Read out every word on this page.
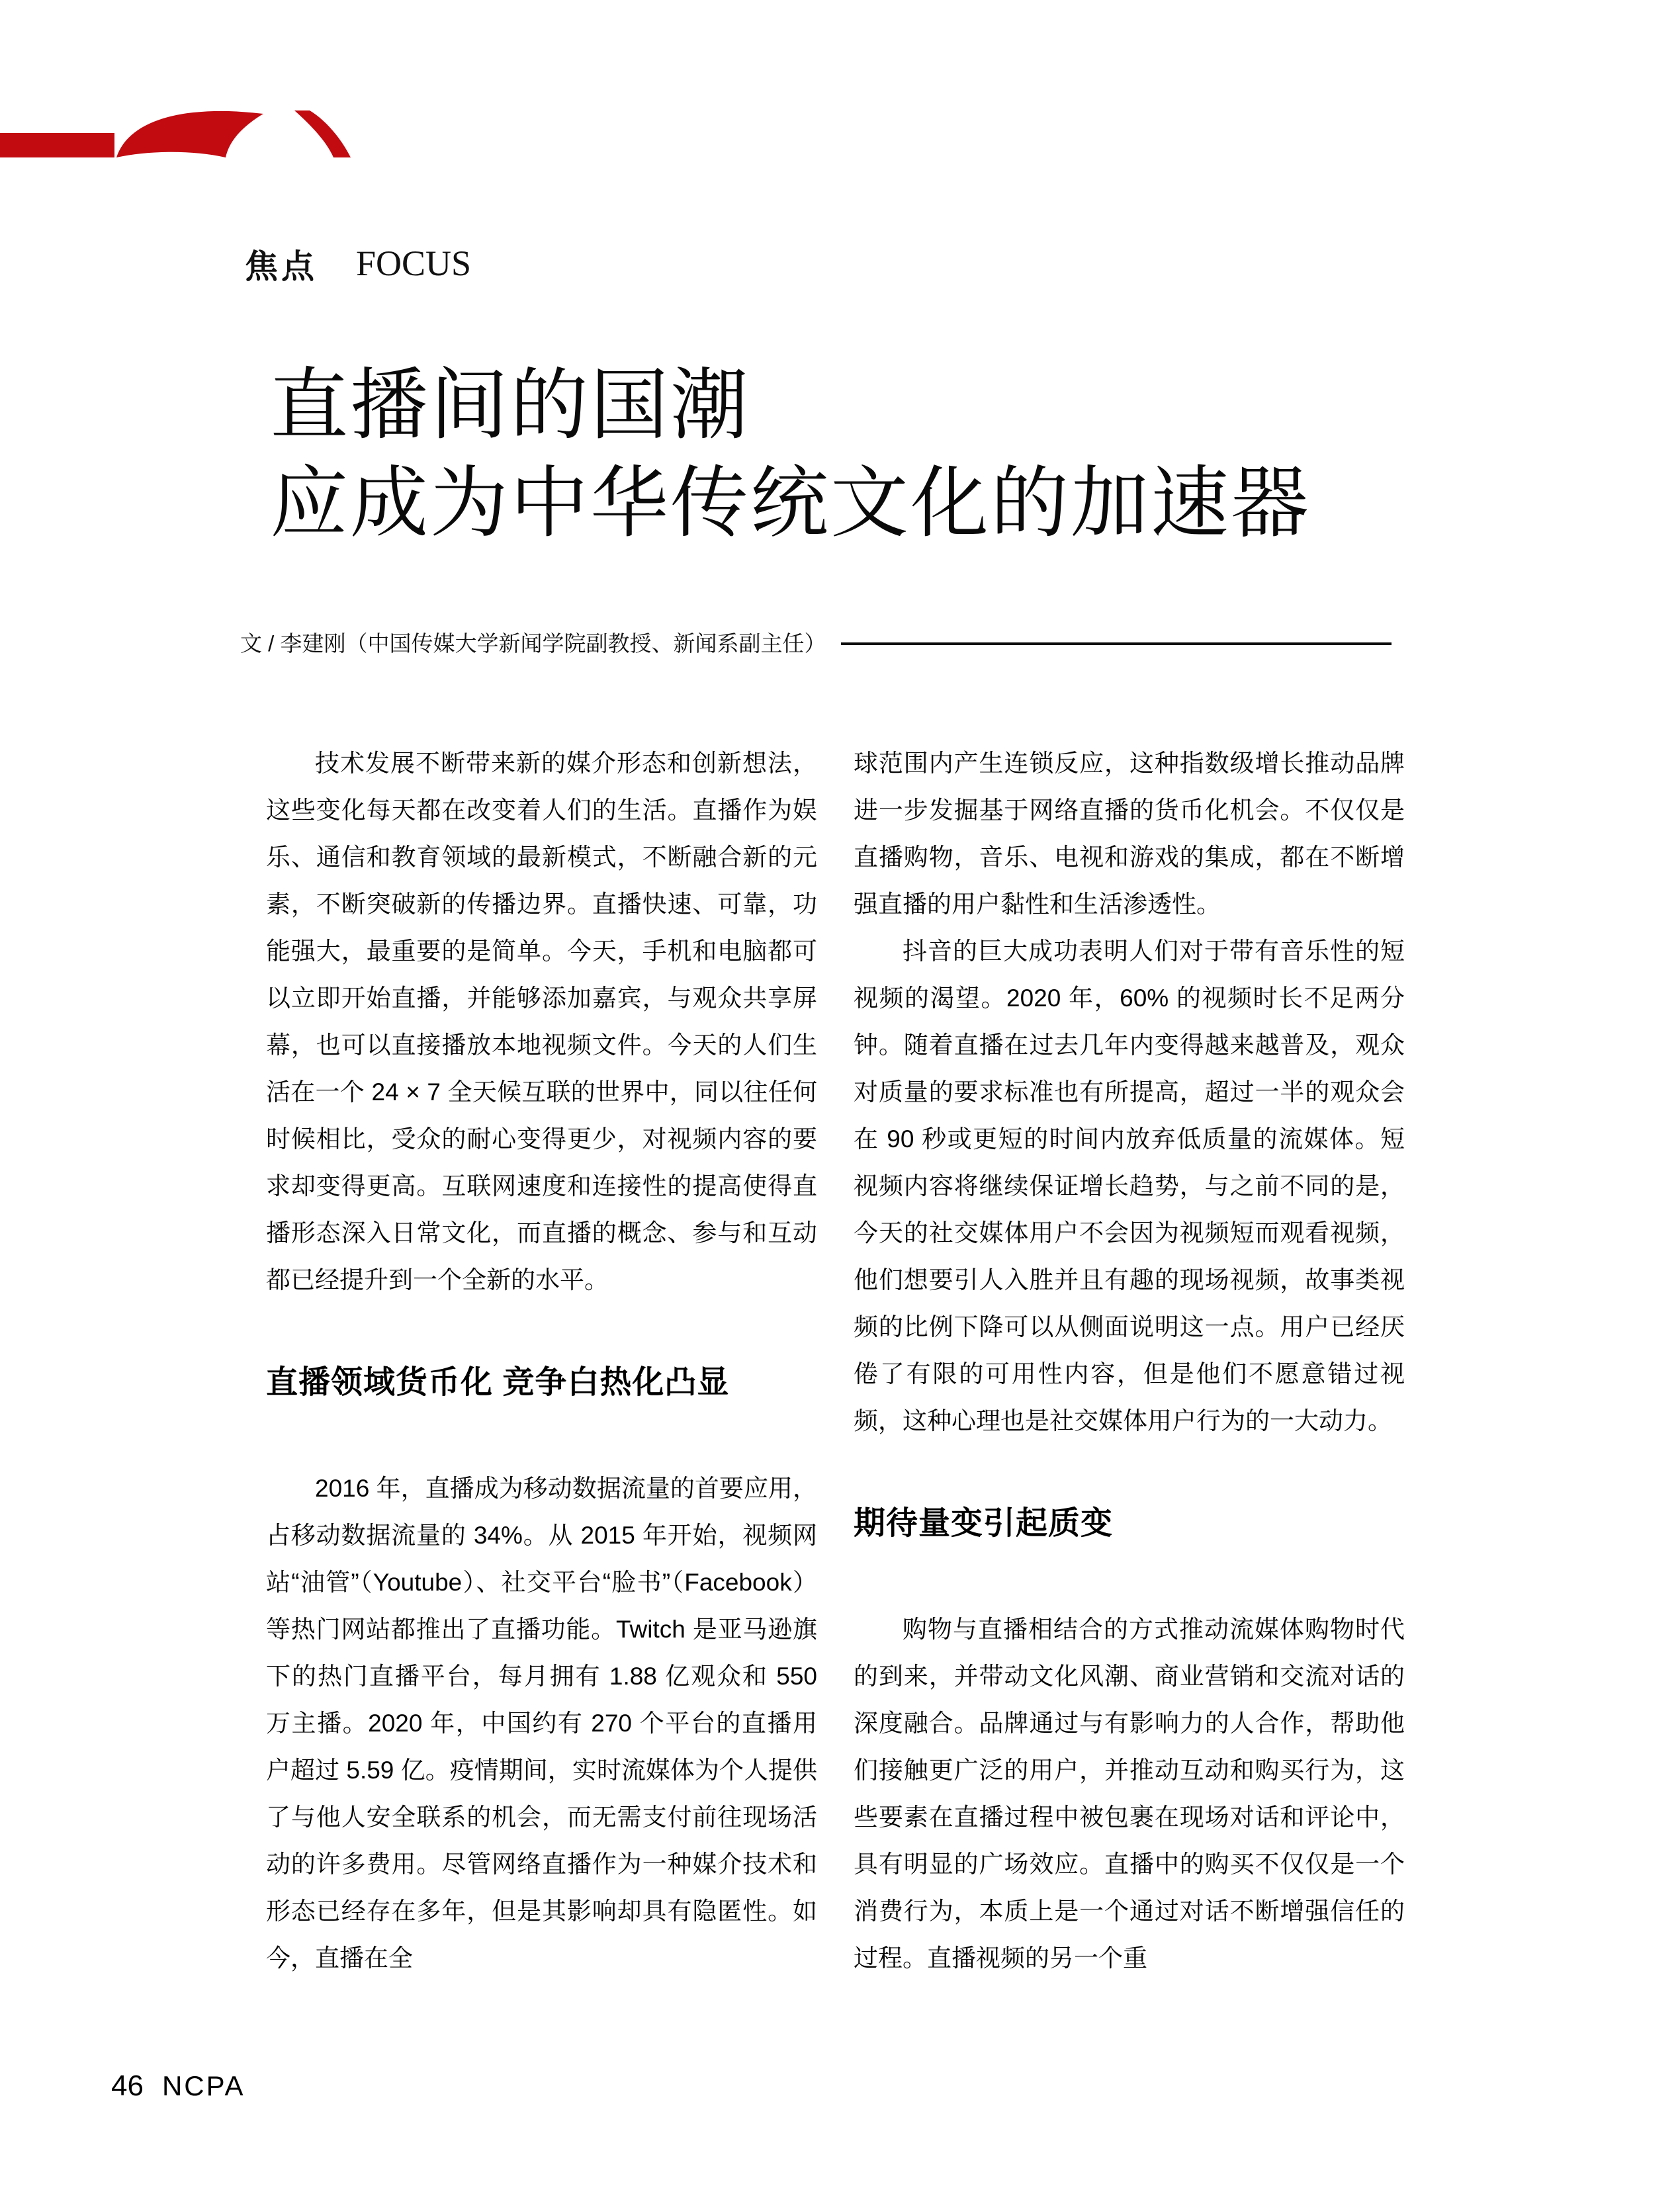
焦点 FOCUS
直播间的国潮
应成为中华传统文化的加速器
文 / 李建刚（中国传媒大学新闻学院副教授、新闻系副主任）

技术发展不断带来新的媒介形态和创新想法，这些变化每天都在改变着人们的生活。直播作为娱乐、通信和教育领域的最新模式，不断融合新的元素，不断突破新的传播边界。直播快速、可靠，功能强大，最重要的是简单。今天，手机和电脑都可以立即开始直播，并能够添加嘉宾，与观众共享屏幕，也可以直接播放本地视频文件。今天的人们生活在一个 24 × 7 全天候互联的世界中，同以往任何时候相比，受众的耐心变得更少，对视频内容的要求却变得更高。互联网速度和连接性的提高使得直播形态深入日常文化，而直播的概念、参与和互动都已经提升到一个全新的水平。

直播领域货币化 竞争白热化凸显

2016 年，直播成为移动数据流量的首要应用，占移动数据流量的 34%。从 2015 年开始，视频网站“油管”（Youtube）、社交平台“脸书”（Facebook）等热门网站都推出了直播功能。Twitch 是亚马逊旗下的热门直播平台，每月拥有 1.88 亿观众和 550 万主播。2020 年，中国约有 270 个平台的直播用户超过 5.59 亿。疫情期间，实时流媒体为个人提供了与他人安全联系的机会，而无需支付前往现场活动的许多费用。尽管网络直播作为一种媒介技术和形态已经存在多年，但是其影响却具有隐匿性。如今，直播在全

球范围内产生连锁反应，这种指数级增长推动品牌进一步发掘基于网络直播的货币化机会。不仅仅是直播购物，音乐、电视和游戏的集成，都在不断增强直播的用户黏性和生活渗透性。

抖音的巨大成功表明人们对于带有音乐性的短视频的渴望。2020 年，60% 的视频时长不足两分钟。随着直播在过去几年内变得越来越普及，观众对质量的要求标准也有所提高，超过一半的观众会在 90 秒或更短的时间内放弃低质量的流媒体。短视频内容将继续保证增长趋势，与之前不同的是，今天的社交媒体用户不会因为视频短而观看视频，他们想要引人入胜并且有趣的现场视频，故事类视频的比例下降可以从侧面说明这一点。用户已经厌倦了有限的可用性内容，但是他们不愿意错过视频，这种心理也是社交媒体用户行为的一大动力。

期待量变引起质变

购物与直播相结合的方式推动流媒体购物时代的到来，并带动文化风潮、商业营销和交流对话的深度融合。品牌通过与有影响力的人合作，帮助他们接触更广泛的用户，并推动互动和购买行为，这些要素在直播过程中被包裹在现场对话和评论中，具有明显的广场效应。直播中的购买不仅仅是一个消费行为，本质上是一个通过对话不断增强信任的过程。直播视频的另一个重

46 NCPA
